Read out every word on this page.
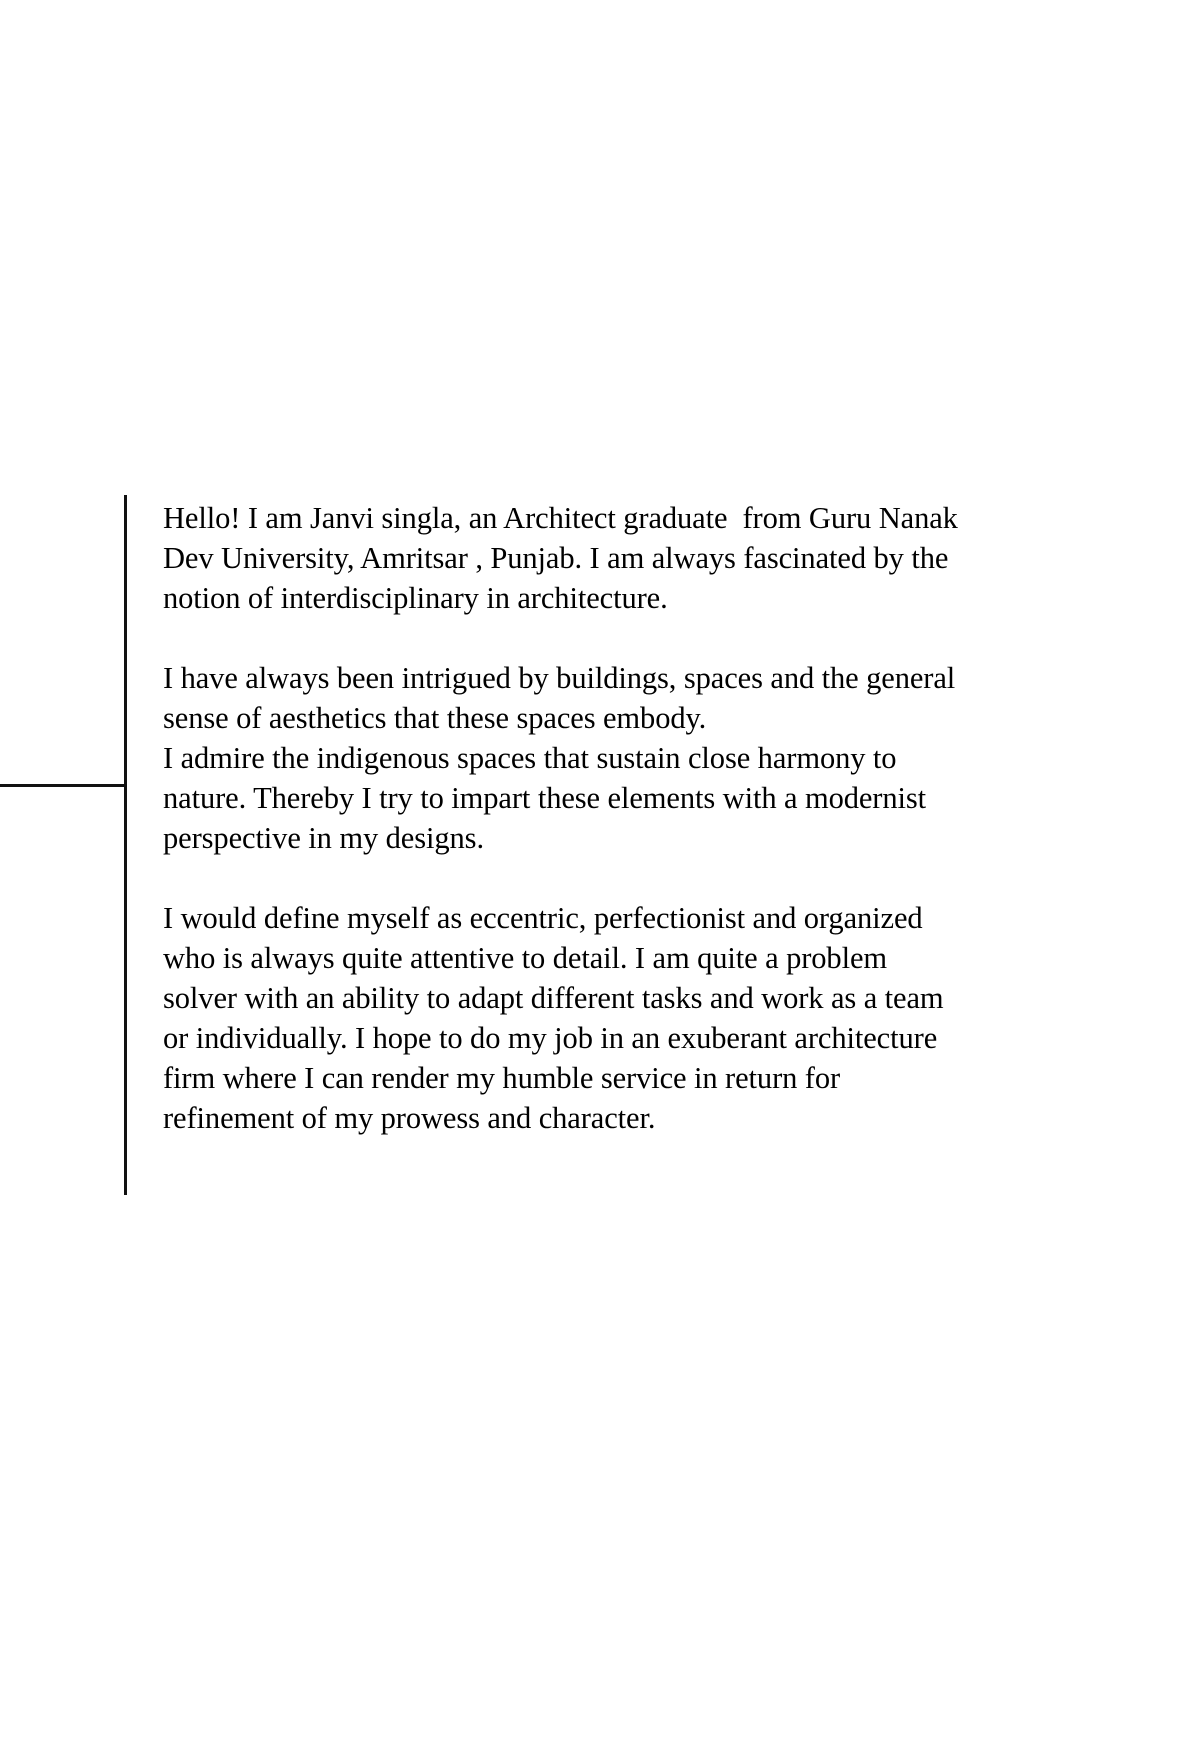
Hello! I am Janvi singla, an Architect graduate  from Guru Nanak Dev University, Amritsar , Punjab. I am always fascinated by the notion of interdisciplinary in architecture.

I have always been intrigued by buildings, spaces and the general sense of aesthetics that these spaces embody.

I admire the indigenous spaces that sustain close harmony to nature. Thereby I try to impart these elements with a modernist perspective in my designs.

I would define myself as eccentric, perfectionist and organized who is always quite attentive to detail. I am quite a problem solver with an ability to adapt different tasks and work as a team or individually. I hope to do my job in an exuberant architecture firm where I can render my humble service in return for refinement of my prowess and character.
